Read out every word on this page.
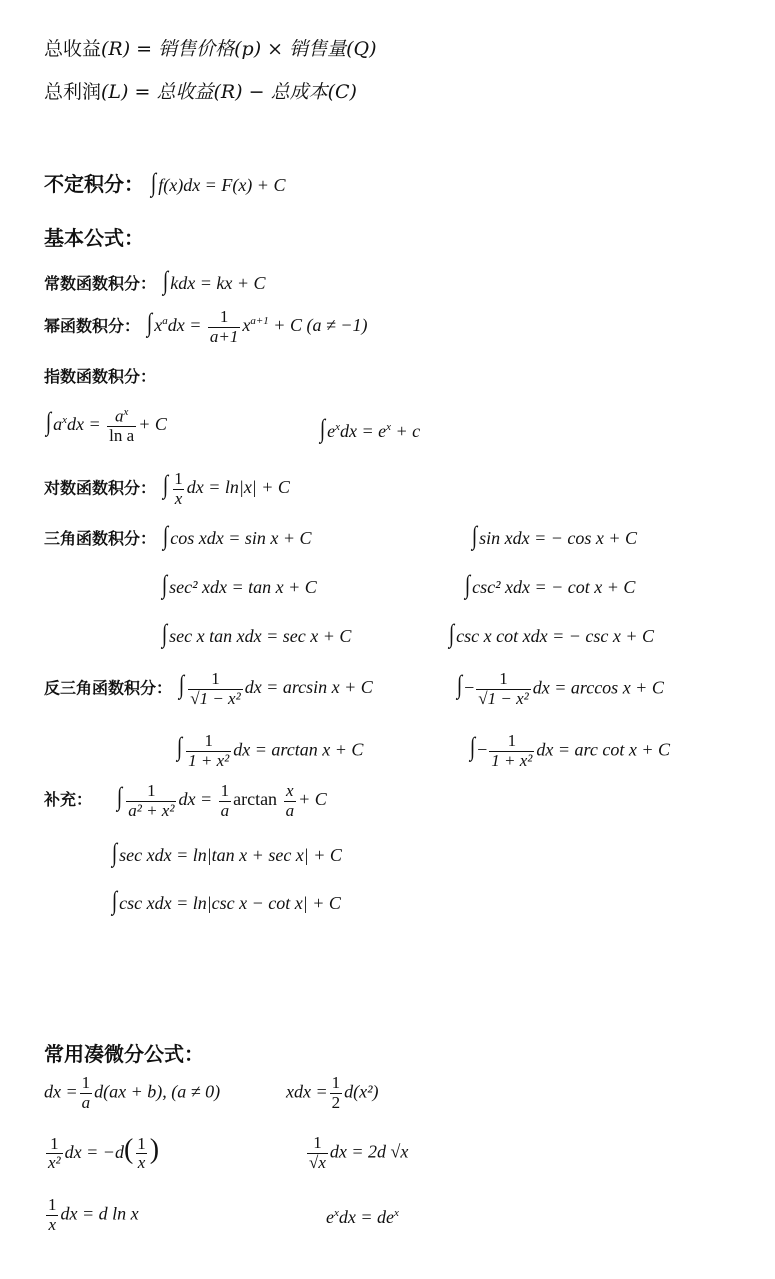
总收益(R) = 销售价格(p) × 销售量(Q)
总利润(L) = 总收益(R) − 总成本(C)
不定积分： ∫ f(x)dx = F(x) + C
基本公式：
常数函数积分： ∫ kdx = kx + C
幂函数积分： ∫ $x^adx = \frac{1}{a+1} x^{a+1} + C$ (a ≠ −1)
指数函数积分：
∫ $a^xdx = \frac{a^x}{\text{ln a}} + C$	∫ $e^xdx = e^x + c$
对数函数积分： ∫ $\frac{1}{x}$ dx = ln|x| + C
三角函数积分： ∫ cos xdx = sin x + C	∫ sin xdx = − cos x + C
∫ sec² xdx = tan x + C	∫ csc² xdx = − cot x + C
∫ sec x tan xdx = sec x + C	∫ csc x cot xdx = − csc x + C
反三角函数积分： ∫ $\frac{1}{\text{√1 − x²}}$ dx = arcsin x + C	∫ − $\frac{1}{\text{√1 − x²}}$ dx = arccos x + C
∫ $\frac{1}{\text{1 + x²}}$ dx = arctan x + C	∫ − $\frac{1}{\text{1 + x²}}$ dx = arc cot x + C
补充： ∫ $\frac{1}{\text{a² + x²}}$ dx = $\frac{1}{a}$ $\arctan \frac{x}{a} + C$
∫ sec xdx = ln|tan x + sec x| + C
∫ csc xdx = ln|csc x − cot x| + C
常用凑微分公式：
dx = $\frac{1}{a} d(ax + b)$, (a ≠ 0)	xdx = $\frac{1}{2} d(x^2)$
$\frac{1}{\text{x²}}$ dx = $-d( \frac{1}{x}$ )	$\frac{1}{√x}$ dx = 2d √x
$\frac{1}{x}$ dx = d ln x	$e^xdx = de^x$
